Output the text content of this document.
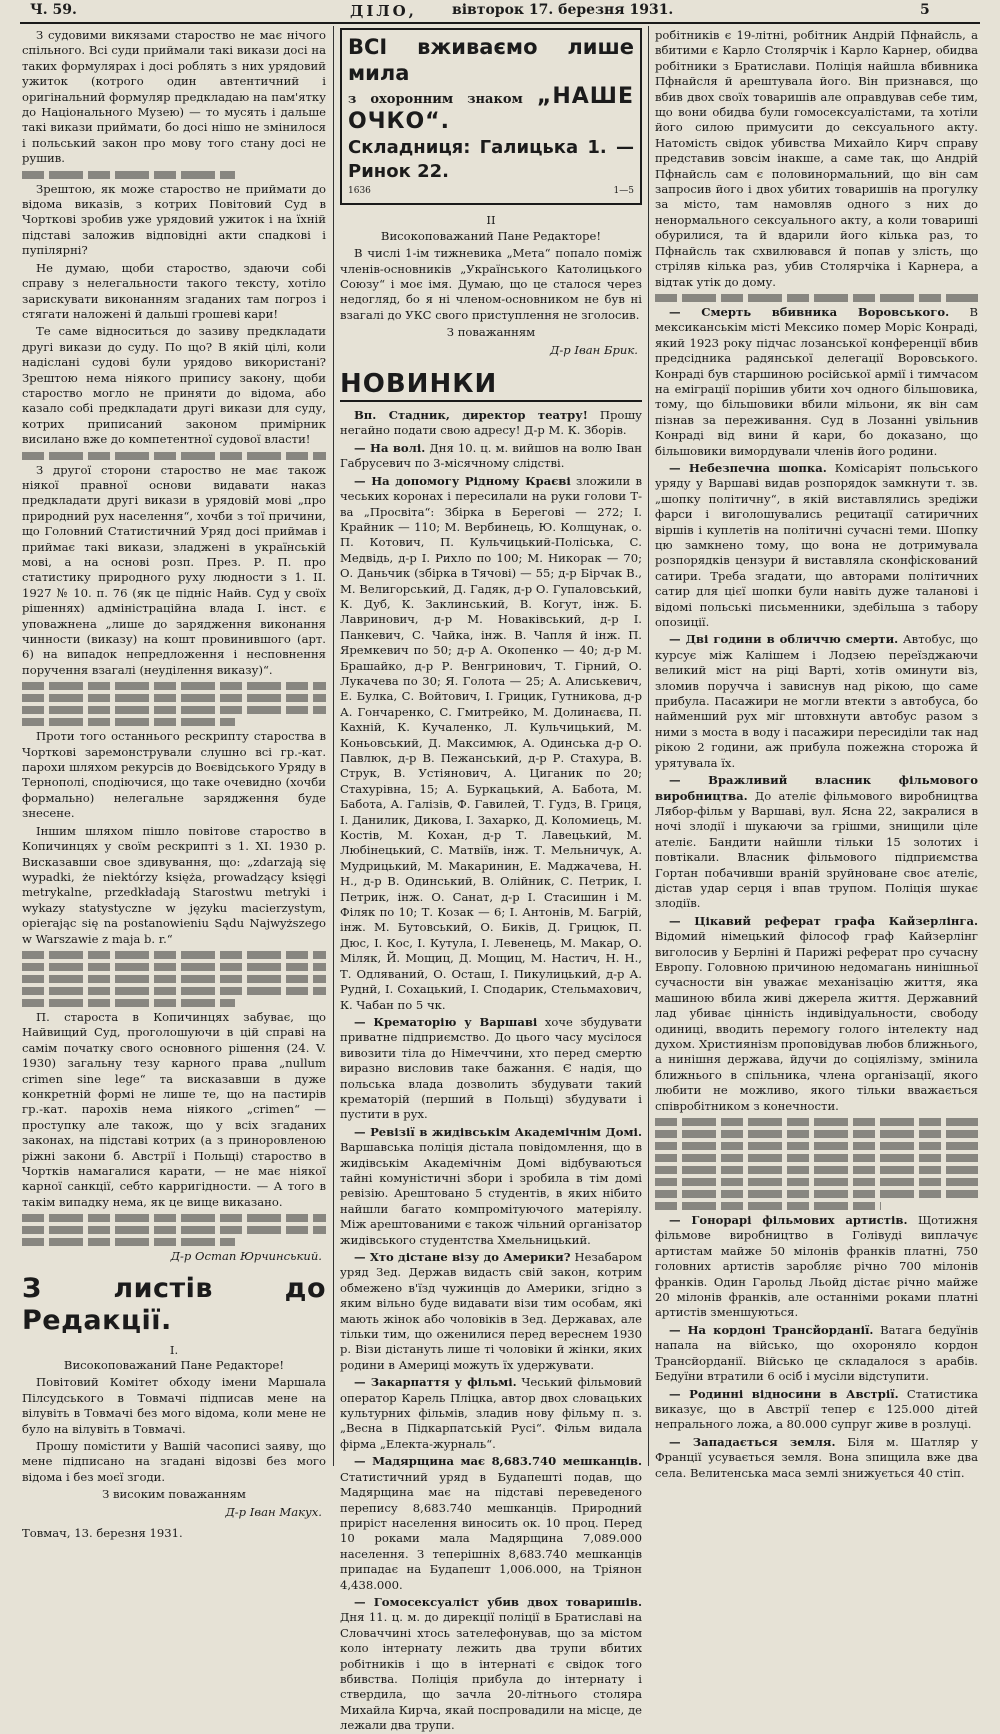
Ч. 59.	ДІЛО,	вівторок 17. березня 1931.	5

З судовими викязами староство не має нічого спільного. Всі суди приймали такі викази досі на таких формулярах і досі роблять з них урядовий ужиток (котрого один автентичний і оригінальний формуляр предкладаю на пам'ятку до Національного Музею) — то мусять і дальше такі викази приймати, бо досі нішо не змінилося і польський закон про мову того стану досі не рушив.

Зрештою, як може староство не приймати до відома виказів, з котрих Повітовий Суд в Чорткові зробив уже урядовий ужиток і на їхній підставі заложив відповідні акти спадкові і пупілярні?

Не думаю, щоби староство, здаючи собі справу з нелегальности такого тексту, хотіло зарискувати виконанням згаданих там погроз і стягати наложені й дальші грошеві кари!

Те саме відноситься до зазиву предкладати другі викази до суду. По що? В якій цілі, коли надіслані судові були урядово використані? Зрештою нема ніякого припису закону, щоби староство могло не приняти до відома, або казало собі предкладати другі викази для суду, котрих приписаний законом примірник висилано вже до компетентної судової власти!

З другої сторони староство не має також ніякої правної основи видавати наказ предкладати другі викази в урядовій мові „про природний рух населення“, хочби з тої причини, що Головний Статистичний Уряд досі приймав і приймає такі викази, зладжені в українській мові, а на основі розп. През. Р. П. про статистику природного руху людности з 1. II. 1927 № 10. п. 76 (як це підніс Найв. Суд у своїх рішеннях) адміністраційна влада І. інст. є уповажнена „лише до зарядження виконання чинности (виказу) на кошт провинившого (арт. 6) на випадок непредложення і несповнення поручення взагалі (неуділення виказу)“.

Проти того останнього рескрипту староства в Чорткові заремонстрували слушно всі гр.-кат. пароxи шляхом рекурсів до Воєвідського Уряду в Тернополі, сподіючися, що таке очевидно (хочби формально) нелегальне зарядження буде знесене.

Іншим шляхом пішло повітове староство в Копичинцях у своїм рескрипті з 1. XI. 1930 р. Висказавши свое здивування, що: „zdarzają się wypadki, że niektórzy księża, prowadzący księgi metrykalne, przedkładają Starostwu metryki i wykazy statystyczne w języku macierzystym, opierając się na postanowieniu Sądu Najwyższego w Warszawie z maja b. r.“

П. староста в Копичинцях забуває, що Найвищий Суд, проголошуючи в цій справі на самім початку свого основного рішення (24. V. 1930) загальну тезу карного права „nullum crimen sine lege“ та висказавши в дуже конкретній формі не лише те, що на пастирів гр.-кат. парохів нема ніякого „crimen“ — проступку але також, що у всіх згаданих законах, на підставі котрих (а з приноровленою ріжні закони б. Австрії і Польщі) староство в Чортків намагалися карати, — не має ніякої карної санкції, себто карригідности. — А того в такім випадку нема, як це вище виказано.

Д-р Остап Юрчинський.
З листів до Редакції.
I.

Високоповажаний Пане Редакторе!

Повітовий Комітет обходу імени Маршала Пілсудського в Товмачі підписав мене на вілувіть в Товмачі без мого відома, коли мене не було на вілувіть в Товмачі.

Прошу помістити у Вашій часописі заяву, що мене підписано на згадані відозві без мого відома і без моєї згоди.

З високим поважанням

Д-р Іван Макух.

Товмач, 13. березня 1931.

ВСІ вживаємо лише мила
з охоронним знаком „НАШЕ ОЧКО“.
Складниця: Галицька 1. — Ринок 22.
1636	1—5
II

Високоповажаний Пане Редакторе!

В числі 1-ім тижневика „Мета“ попало поміж членів-основників „Українського Католицького Союзу“ і моє імя. Думаю, що це сталося через недогляд, бо я ні членом-основником не був ні взагалі до УКС свого приступлення не зголосив.

З поважанням

Д-р Іван Брик.
НОВИНКИ

Вп. Стадник, директор театру! Прошу негайно подати свою адресу! Д-р М. К. Зборів.

— На волі. Дня 10. ц. м. вийшов на волю Іван Габрусевич по 3-місячному слідстві.

— На допомогу Рідному Краєві зложили в чеських коронах і пересилали на руки голови Т-ва „Просвіта“: Збірка в Берегові — 272; І. Крайник — 110; М. Вербинець, Ю. Колщунак, о. П. Котович, П. Кульчицький-Поліська, С. Медвідь, д-р І. Рихло по 100; М. Никорак — 70; О. Даньчик (збірка в Тячові) — 55; д-р Бірчак В., М. Велигорський, Д. Гадяк, д-р О. Гупаловський, К. Дуб, К. Заклинський, В. Когут, інж. Б. Лавринович, д-р М. Новаківський, д-р І. Панкевич, С. Чайка, інж. В. Чапля й інж. П. Яремкевич по 50; д-р А. Окопенко — 40; д-р М. Брашайко, д-р Р. Венгринович, Т. Гірний, О. Лукачева по 30; Я. Голота — 25; А. Алиськевич, Е. Булка, С. Войтович, І. Грицик, Гутниковa, д-р А. Гончаренко, С. Гмитрейко, М. Долинаєва, П. Кахній, К. Кучаленко, Л. Кульчицький, М. Коньовський, Д. Максимюк, А. Одинська д-р О. Павлюк, д-р В. Пежанський, д-р Р. Стахура, В. Струк, В. Устіянович, А. Циганик по 20; Стахурівна, 15; А. Буркацький, А. Бабота, М. Бабота, А. Галізів, Ф. Гавилей, Т. Гудз, В. Гриця, І. Данилик, Дикова, І. Захарко, Д. Коломиець, М. Костів, М. Кохан, д-р Т. Лавецький, М. Любінецький, С. Матвіїв, інж. Т. Мельничук, А. Мудрицький, М. Макаринин, Е. Маджачева, Н. Н., д-р В. Одинський, В. Олійник, С. Петрик, І. Петрик, інж. О. Санат, д-р І. Стасишин і М. Філяк по 10; Т. Козак — 6; І. Антонів, М. Багрій, інж. М. Бутовський, О. Биків, Д. Грицюк, П. Дюс, І. Кос, І. Кутула, І. Левенець, М. Макар, О. Міляк, Й. Мощиц, Д. Мощиц, М. Настич, Н. Н., Т. Одляваний, О. Осташ, І. Пикулицький, д-р А. Руднй, І. Сохацький, І. Сподарик, Стельмахович, К. Чабан по 5 чк.

— Крематорію у Варшаві хоче збудувати приватне підприємство. До цього часу мусілося вивозити тіла до Німеччини, хто перед смертю виразно висловив таке бажання. Є надія, що польська влада дозволить збудувати такий крематорій (перший в Польщі) збудувати і пустити в рух.

— Ревізії в жидівськім Академічнім Домі. Варшавська поліція дістала повідомлення, що в жидівськім Академічнім Домі відбуваються тайні комуністичні збори і зробила в тім домі ревізію. Арештовано 5 студентів, в яких нібито найшли багато компромітуючого матеріялу. Між арештованими є також чільний організатор жидівського студентства Хмельницький.

— Хто дістане візу до Америки? Незабаром уряд Зед. Держав видасть свій закон, котрим обмежено в'їзд чужинців до Америки, згідно з яким вільно буде видавати візи тим особам, які мають жінок або чоловіків в Зед. Державах, але тільки тим, що оженилися перед вереснем 1930 р. Візи дістануть лише ті чоловіки й жінки, яких родини в Америці можуть їх удержувати.

— Закарпаття у фільмі. Чеський фільмовий оператор Карель Пліцка, автор двох словацьких культурних фільмів, зладив нову фільму п. з. „Весна в Підкарпатській Русі“. Фільм видала фірма „Електа-журналь“.

— Мадярщина має 8,683.740 мешканців. Статистичний уряд в Будапешті подав, що Мадярщина має на підставі переведеного перепису 8,683.740 мешканців. Природний приріст населення виносить ок. 10 проц. Перед 10 роками мала Мадярщина 7,089.000 населення. З теперішніх 8,683.740 мешканців припадає на Будапешт 1,006.000, на Тріянон 4,438.000.

— Гомосексуаліст убив двох товаришів. Дня 11. ц. м. до дирекції поліції в Братиславі на Словаччині хтось зателефонував, що за містом коло інтернату лежить два трупи вбитих робітників і що в інтернаті є свідок того вбивства. Поліція прибула до інтернату і ствердила, що зачла 20-літнього столяра Михайла Кирча, якай поспровадили на місце, де лежали два трупи.

робітників є 19-літні, робітник Андрій Пфнайсль, а вбитими є Карло Столярчік і Карло Карнер, обидва робітники з Братислави. Поліція найшла вбивника Пфнайсля й арештувала його. Він признався, що вбив двох своїх товаришів але оправдував себе тим, що вони обидва були гомосексуалістами, та хотіли його силою примусити до сексуального акту. Натомість свідок убивства Михайло Кирч справу представив зовсім інакше, а саме так, що Андрій Пфнайсль сам є половинормальний, що він сам запросив його і двох убитих товаришів на прогулку за місто, там намовляв одного з них до ненормального сексуального акту, а коли товариші обурилися, та й вдарили його кілька раз, то Пфнайсль так схвилювався й попав у злість, що стріляв кілька раз, убив Столярчіка і Карнера, а відтак утік до дому.

— Смерть вбивника Воровського. В мексиканськім місті Мексико помер Моріс Конраді, який 1923 року підчас лозанської конференції вбив предсідника радянської делегації Воровського. Конраді був старшиною російської армії і тимчасом на еміграції порішив убити хоч одного більшовика, тому, що більшовики вбили мільони, як він сам пізнав за переживання. Суд в Лозанні увільнив Конраді від вини й кари, бо доказано, що більшовики вимордували членів його родини.

— Небезпечна шопка. Комісаріят польського уряду у Варшаві видав розпорядок замкнути т. зв. „шопку політичну“, в якій виставлялись зредіжи фарси і виголошувались рецитації сатиричних віршів і куплетів на політичні сучасні теми. Шопку цю замкнено тому, що вона не дотримувала розпорядків цензури й виставляла сконфіскований сатири. Треба згадати, що авторами політичних сатир для цієї шопки були навіть дуже таланові і відомі польські письменники, здебільша з табору опозиції.

— Дві години в обличчю смерти. Автобус, що курсує між Калішем і Лодзею переїзджаючи великий міст на ріці Варті, хотів оминути віз, зломив поручча і зависнув над рікою, що саме прибула. Пасажири не могли втекти з автобуса, бо найменший рух міг штовхнути автобус разом з ними з моста в воду і пасажири пересиділи так над рікою 2 години, аж прибула пожежна сторожа й урятувала їх.

— Вражливий власник фільмового виробництва. До ателіє фільмового виробництва Лябор-фільм у Варшаві, вул. Ясна 22, закралися в ночі злодії і шукаючи за грішми, знищили ціле ателіє. Бандити найшли тільки 15 золотих і повтікали. Власник фільмового підприємства Гортан побачивши враній зруйноване своє ателіє, дістав удар серця і впав трупом. Поліція шукає злодіїв.

— Цікавий реферат графа Кайзерлінга. Відомий німецький філософ граф Кайзерлінг виголосив у Берліні й Парижі реферат про сучасну Европу. Головною причиною недомагань нинішньої сучасности він уважає механізацію життя, яка машиною вбила живі джерела життя. Державний лад убиває цінність індивідуальности, свободу одиниці, вводить перемогу голого інтелекту над духом. Християнізм проповідував любов ближнього, а нинішня держава, йдучи до соціялізму, змінила ближнього в спільника, члена організації, якого любити не можливо, якого тільки вважається співробітником з конечности.

— Гонорарі фільмових артистів. Щотижня фільмове виробництво в Голівуді виплачує артистам майже 50 мілонів франків платні, 750 головних артистів заробляє річно 700 мілонів франків. Один Гарольд Льойд дістає річно майже 20 мілонів франків, але останніми роками платні артистів зменшуються.

— На кордоні Трансйорданії. Ватага бедуїнів напала на військо, що охороняло кордон Трансйорданії. Військо це складалося з арабів. Бедуїни втратили 6 осіб і мусіли відступити.

— Родинні відносини в Австрії. Статистика виказує, що в Австрії тепер є 125.000 дітей непрального ложа, а 80.000 супруг живе в розлуці.

— Западається земля. Біля м. Шатляр у Франції усувається земля. Вона зпищила вже два села. Велитенська маса землі знижується 40 стіп.
